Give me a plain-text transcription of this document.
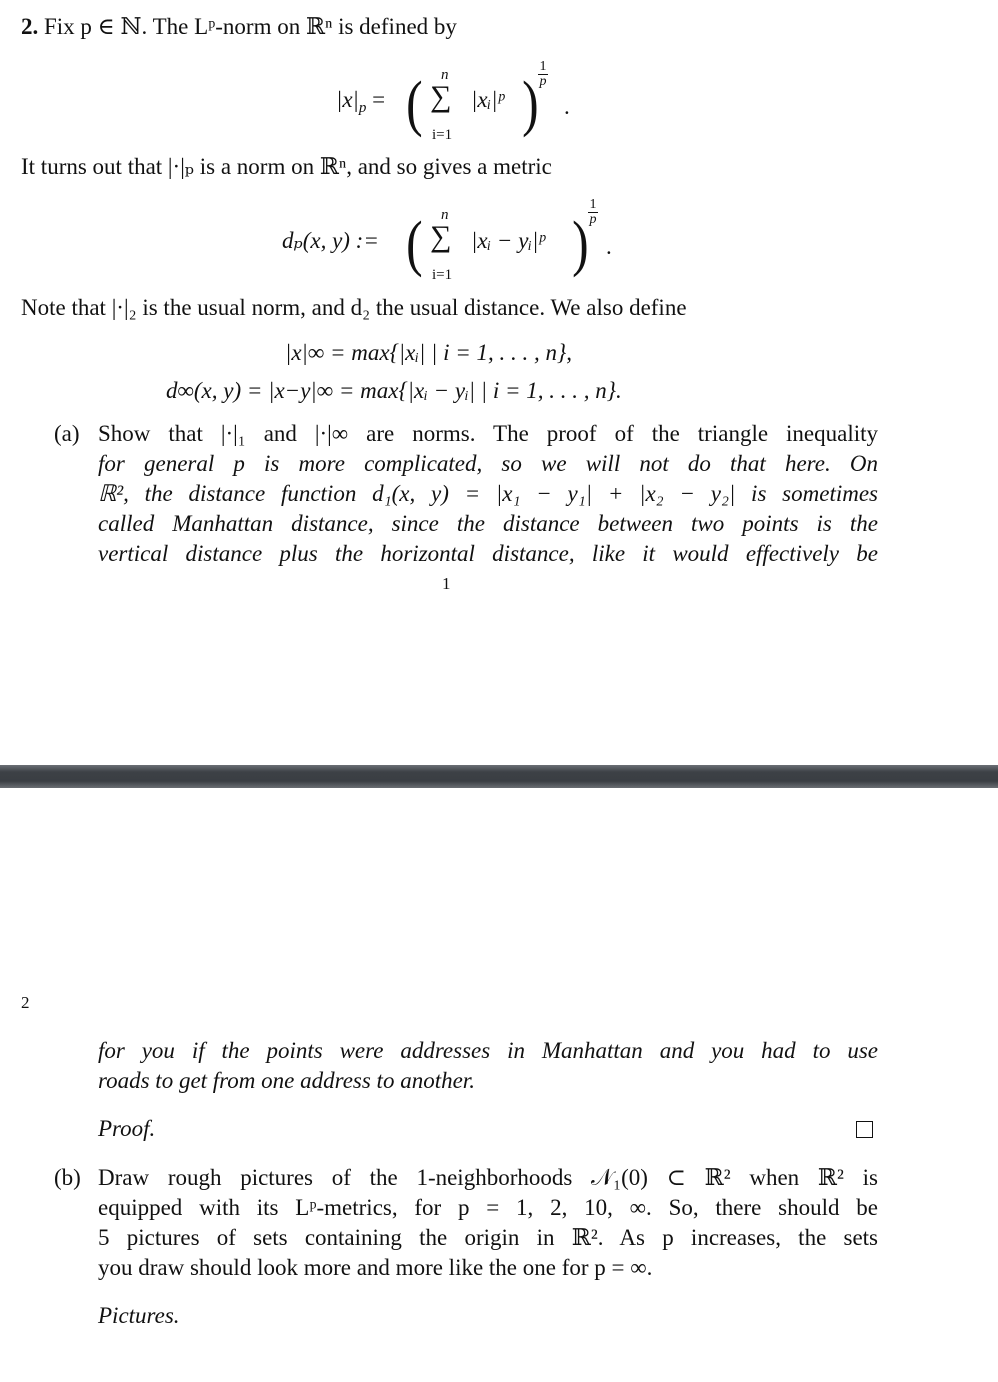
2. Fix p ∈ ℕ. The Lᵖ-norm on ℝⁿ is defined by
$|x|_p$ = ( n
∑
i=1
|xᵢ|ᵖ )
1
p
.
It turns out that |·|ₚ is a norm on ℝⁿ, and so gives a metric
dₚ(x, y) := ( n
∑
i=1
|xᵢ − yᵢ|ᵖ )
1
p
.
Note that |·|₂ is the usual norm, and d₂ the usual distance. We also define
|x|∞ = max{|xᵢ| | i = 1, . . . , n},
d∞(x, y) = |x−y|∞ = max{|xᵢ − yᵢ| | i = 1, . . . , n}.
(a) Show that |·|₁ and |·|∞ are norms. The proof of the triangle inequality
for general p is more complicated, so we will not do that here. On
ℝ², the distance function d₁(x, y) = |x₁ − y₁| + |x₂ − y₂| is sometimes
called Manhattan distance, since the distance between two points is the
vertical distance plus the horizontal distance, like it would effectively be
1
2
for you if the points were addresses in Manhattan and you had to use
roads to get from one address to another.
Proof.
(b) Draw rough pictures of the 1-neighborhoods 𝒩₁(0) ⊂ ℝ² when ℝ² is
equipped with its Lᵖ-metrics, for p = 1, 2, 10, ∞. So, there should be
5 pictures of sets containing the origin in ℝ². As p increases, the sets
you draw should look more and more like the one for p = ∞.
Pictures.
